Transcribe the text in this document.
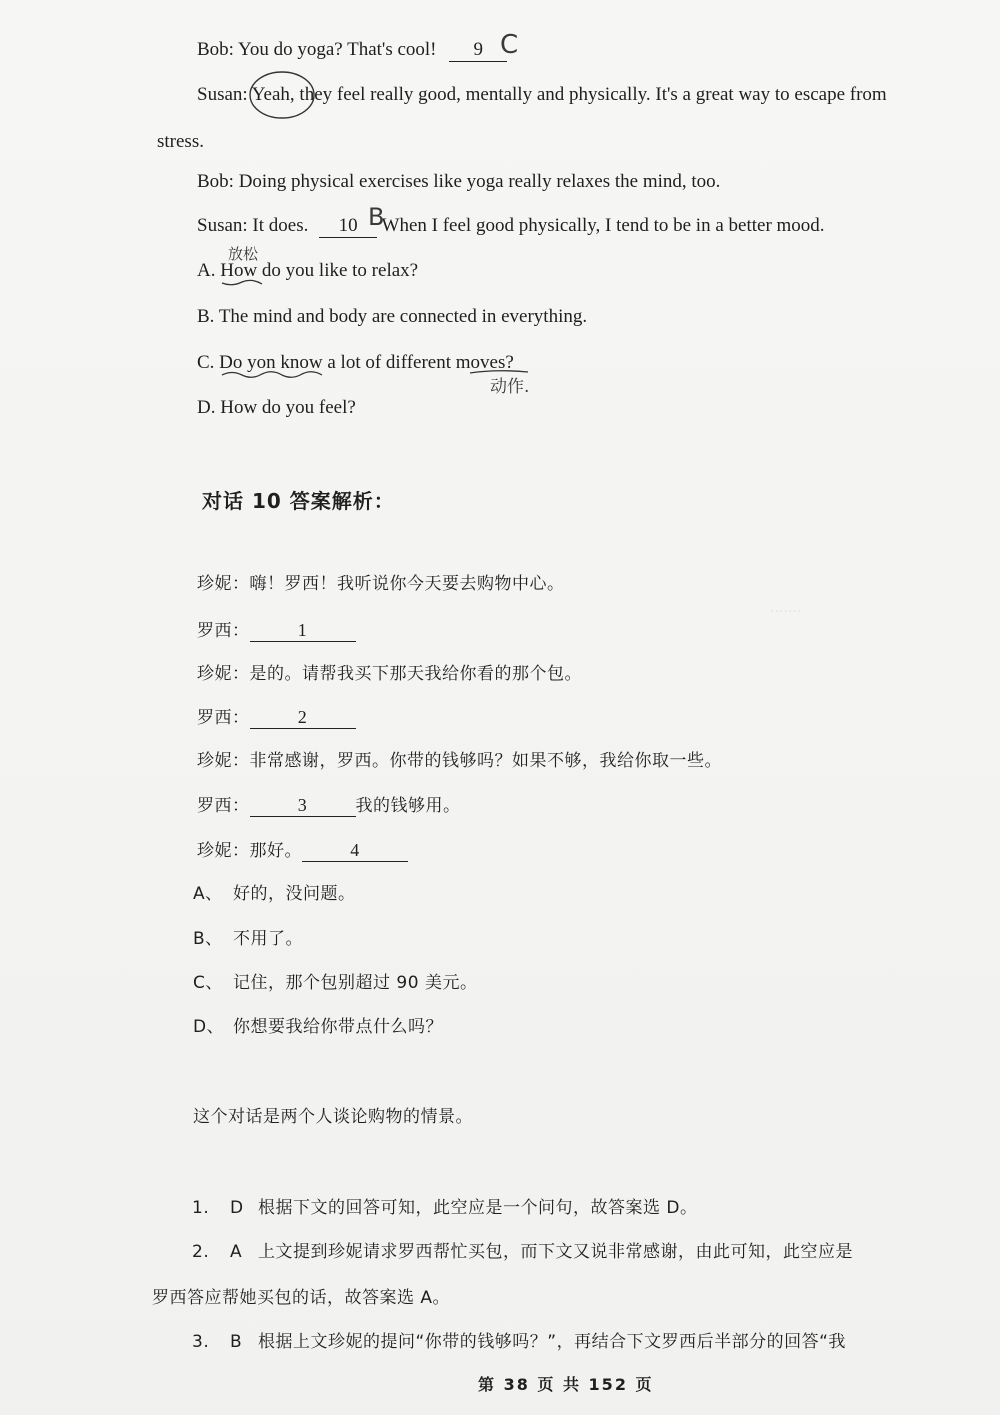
.......
Bob: You do yoga? That's cool! 9 C
Susan: Yeah, they feel really good, mentally and physically. It's a great way to escape from
stress.
Bob: Doing physical exercises like yoga really relaxes the mind, too.
Susan: It does. 10 When I feel good physically, I tend to be in a better mood.
B
A. How do you like to relax?
放松
B. The mind and body are connected in everything.
C. Do yon know a lot of different moves?
动作.
D. How do you feel?
对话 10 答案解析：
珍妮：嗨！罗西！我听说你今天要去购物中心。
罗西：	1
珍妮：是的。请帮我买下那天我给你看的那个包。
罗西：	2
珍妮：非常感谢，罗西。你带的钱够吗？如果不够，我给你取一些。
罗西：	3	我的钱够用。
珍妮：那好。	4
A、 好的，没问题。
B、 不用了。
C、 记住，那个包别超过 90 美元。
D、 你想要我给你带点什么吗？
这个对话是两个人谈论购物的情景。
1. D 根据下文的回答可知，此空应是一个问句，故答案选 D。
2. A 上文提到珍妮请求罗西帮忙买包，而下文又说非常感谢，由此可知，此空应是
罗西答应帮她买包的话，故答案选 A。
3. B 根据上文珍妮的提问“你带的钱够吗？”，再结合下文罗西后半部分的回答“我
第 38 页 共 152 页
